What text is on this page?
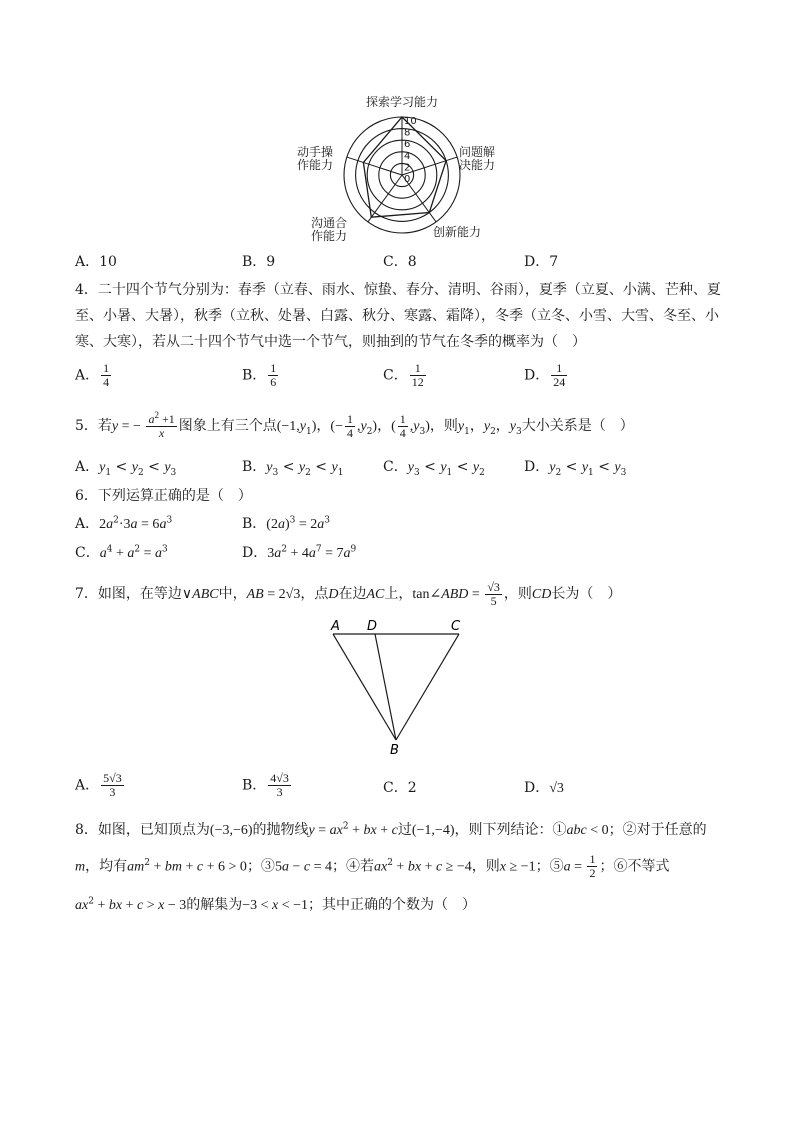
10
8
6
4
2
0
探索学习能力
问题解
决能力
创新能力
沟通合
作能力
动手操
作能力
A．10	B．9	C．8	D．7
4．二十四个节气分别为：春季（立春、雨水、惊蛰、春分、清明、谷雨），夏季（立夏、小满、芒种、夏
至、小暑、大暑），秋季（立秋、处暑、白露、秋分、寒露、霜降），冬季（立冬、小雪、大雪、冬至、小
寒、大寒），若从二十四个节气中选一个节气，则抽到的节气在冬季的概率为（　）
A． $\frac{1}{4}$	B． $\frac{1}{6}$	C． $\frac{1}{12}$	D． $\frac{1}{24}$
5．若y = − $\frac{a^2 +1}{x}$ 图象上有三个点$(-1,y_1)$，(− $\frac{1}{4} ,y_2$)，( $\frac{1}{4} ,y_3$)，则$y_1$，$y_2$，$y_3$大小关系是（　）
A．$y_1 < y_2 < y_3$	B．$y_3 < y_2 < y_1$	C．$y_3 < y_1 < y_2$	D．$y_2 < y_1 < y_3$
6．下列运算正确的是（　）
A．$2a^2\cdot 3a = 6a^3$	B．$(2a)^3 = 2a^3$
C．$a^4 + a^2 = a^3$	D．$3a^2 + 4a^7 = 7a^9$
7．如图，在等边∨ABC中，AB = 2√3，点D在边AC上，tan∠ABD = $\frac{√3}{5}$ ，则CD长为（　）
A D	C
B
A． $\frac{5√3}{3}$	B． $\frac{4√3}{3}$	C．2	D．√3
8．如图，已知顶点为(−3,−6)的抛物线$y = ax^2$ + bx + c过(−1,−4)，则下列结论：①abc < 0；②对于任意的
m，均有$am^2$ + bm + c + 6 > 0；③5a − c = 4；④若$ax^2$ + bx + c ≥ −4，则x ≥ −1；⑤a = $\frac{1}{2}$ ；⑥不等式
$ax^2$ + bx + c > x − 3的解集为−3 < x < −1；其中正确的个数为（　）
